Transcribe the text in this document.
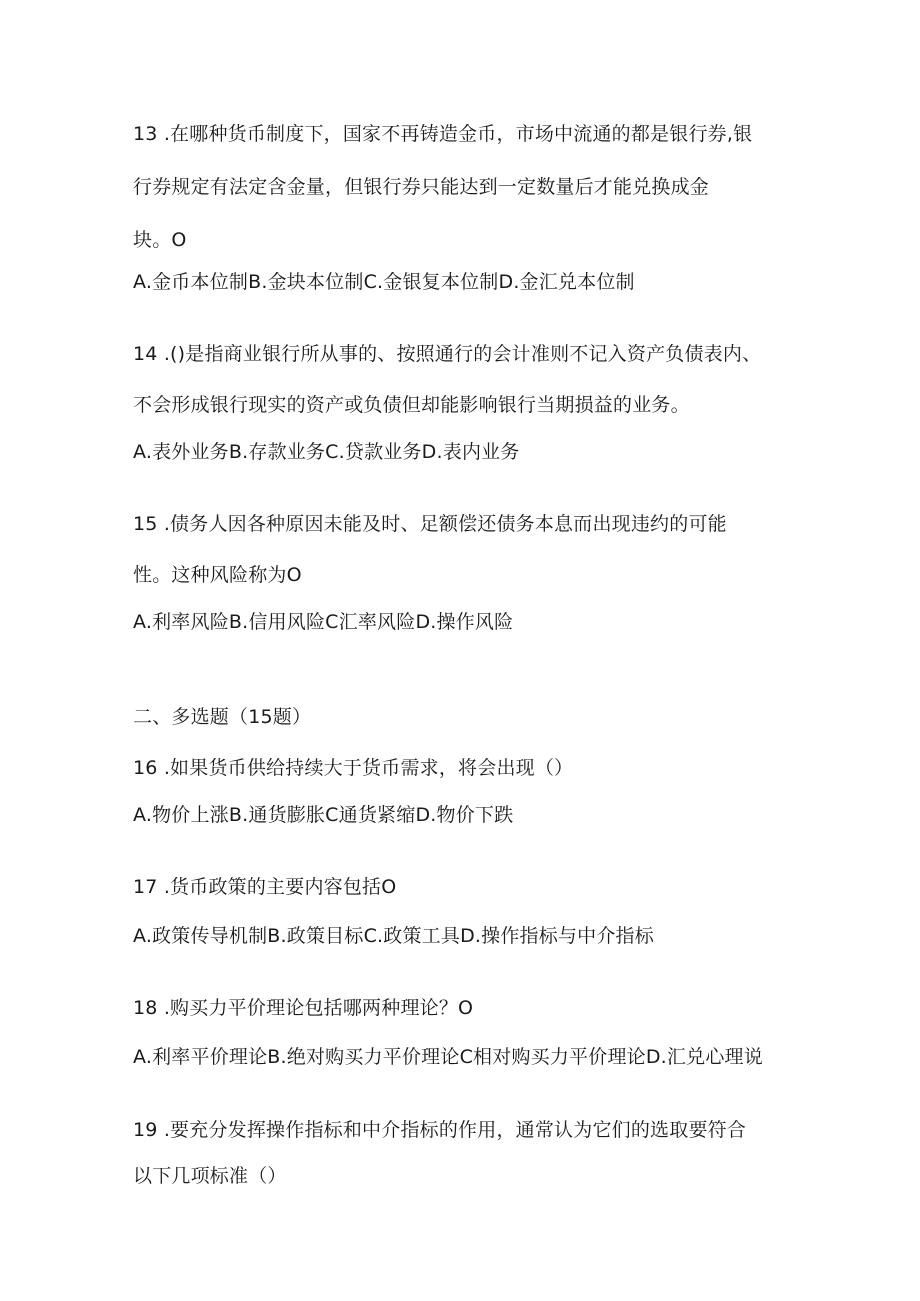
13 .在哪种货币制度下，国家不再铸造金币，市场中流通的都是银行券,银
行券规定有法定含金量，但银行券只能达到一定数量后才能兑换成金
块。O
A.金币本位制B.金块本位制C.金银复本位制D.金汇兑本位制
14 .()是指商业银行所从事的、按照通行的会计准则不记入资产负债表内、
不会形成银行现实的资产或负债但却能影响银行当期损益的业务。
A.表外业务B.存款业务C.贷款业务D.表内业务
15 .债务人因各种原因未能及时、足额偿还债务本息而出现违约的可能
性。这种风险称为O
A.利率风险B.信用风险C汇率风险D.操作风险
二、多选题（15题）
16 .如果货币供给持续大于货币需求，将会出现（）
A.物价上涨B.通货膨胀C通货紧缩D.物价下跌
17 .货币政策的主要内容包括O
A.政策传导机制B.政策目标C.政策工具D.操作指标与中介指标
18 .购买力平价理论包括哪两种理论？O
A.利率平价理论B.绝对购买力平价理论C相对购买力平价理论D.汇兑心理说
19 .要充分发挥操作指标和中介指标的作用，通常认为它们的选取要符合
以下几项标准（）
